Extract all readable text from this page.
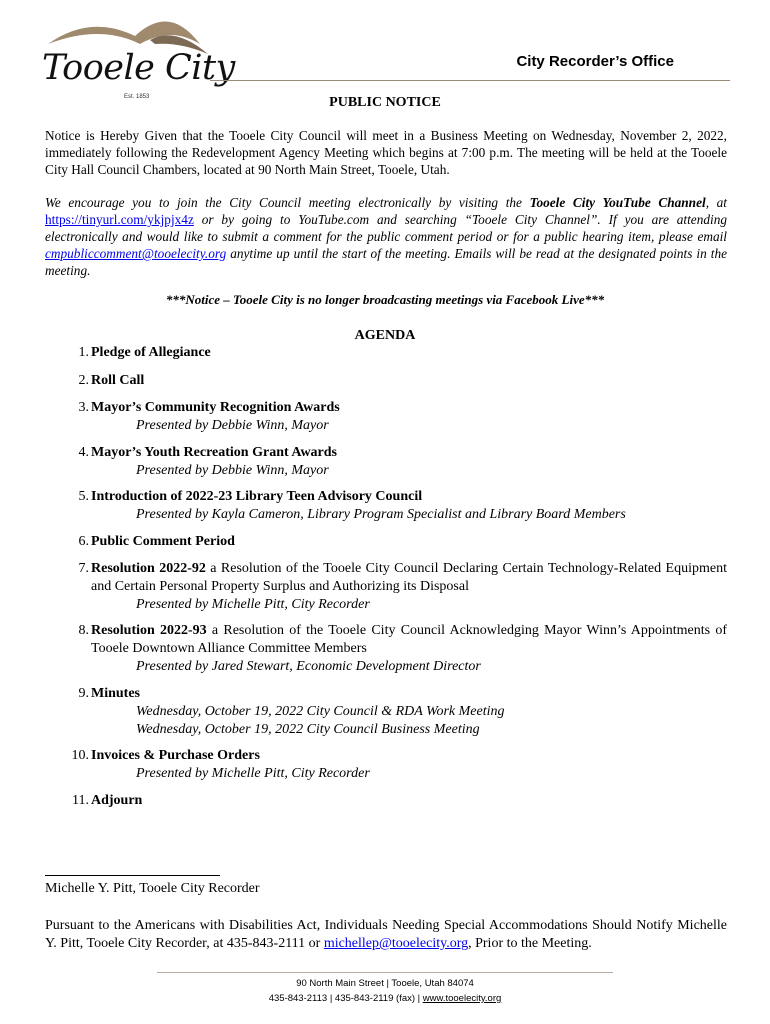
Tooele City
Est. 1853
City Recorder’s Office
PUBLIC NOTICE
Notice is Hereby Given that the Tooele City Council will meet in a Business Meeting on Wednesday, November 2, 2022, immediately following the Redevelopment Agency Meeting which begins at 7:00 p.m. The meeting will be held at the Tooele City Hall Council Chambers, located at 90 North Main Street, Tooele, Utah.
We encourage you to join the City Council meeting electronically by visiting the Tooele City YouTube Channel, at https://tinyurl.com/ykjpjx4z or by going to YouTube.com and searching “Tooele City Channel”. If you are attending electronically and would like to submit a comment for the public comment period or for a public hearing item, please email cmpubliccomment@tooelecity.org anytime up until the start of the meeting. Emails will be read at the designated points in the meeting.
***Notice – Tooele City is no longer broadcasting meetings via Facebook Live***
AGENDA
1. Pledge of Allegiance
2. Roll Call
3. Mayor’s Community Recognition Awards
Presented by Debbie Winn, Mayor
4. Mayor’s Youth Recreation Grant Awards
Presented by Debbie Winn, Mayor
5. Introduction of 2022-23 Library Teen Advisory Council
Presented by Kayla Cameron, Library Program Specialist and Library Board Members
6. Public Comment Period
7. Resolution 2022-92 a Resolution of the Tooele City Council Declaring Certain Technology-Related Equipment and Certain Personal Property Surplus and Authorizing its Disposal
Presented by Michelle Pitt, City Recorder
8. Resolution 2022-93 a Resolution of the Tooele City Council Acknowledging Mayor Winn’s Appointments of Tooele Downtown Alliance Committee Members
Presented by Jared Stewart, Economic Development Director
9. Minutes
Wednesday, October 19, 2022 City Council & RDA Work Meeting
Wednesday, October 19, 2022 City Council Business Meeting
10. Invoices & Purchase Orders
Presented by Michelle Pitt, City Recorder
11. Adjourn
Michelle Y. Pitt, Tooele City Recorder
Pursuant to the Americans with Disabilities Act, Individuals Needing Special Accommodations Should Notify Michelle Y. Pitt, Tooele City Recorder, at 435-843-2111 or michellep@tooelecity.org, Prior to the Meeting.
90 North Main Street | Tooele, Utah 84074
435-843-2113 | 435-843-2119 (fax) | www.tooelecity.org
